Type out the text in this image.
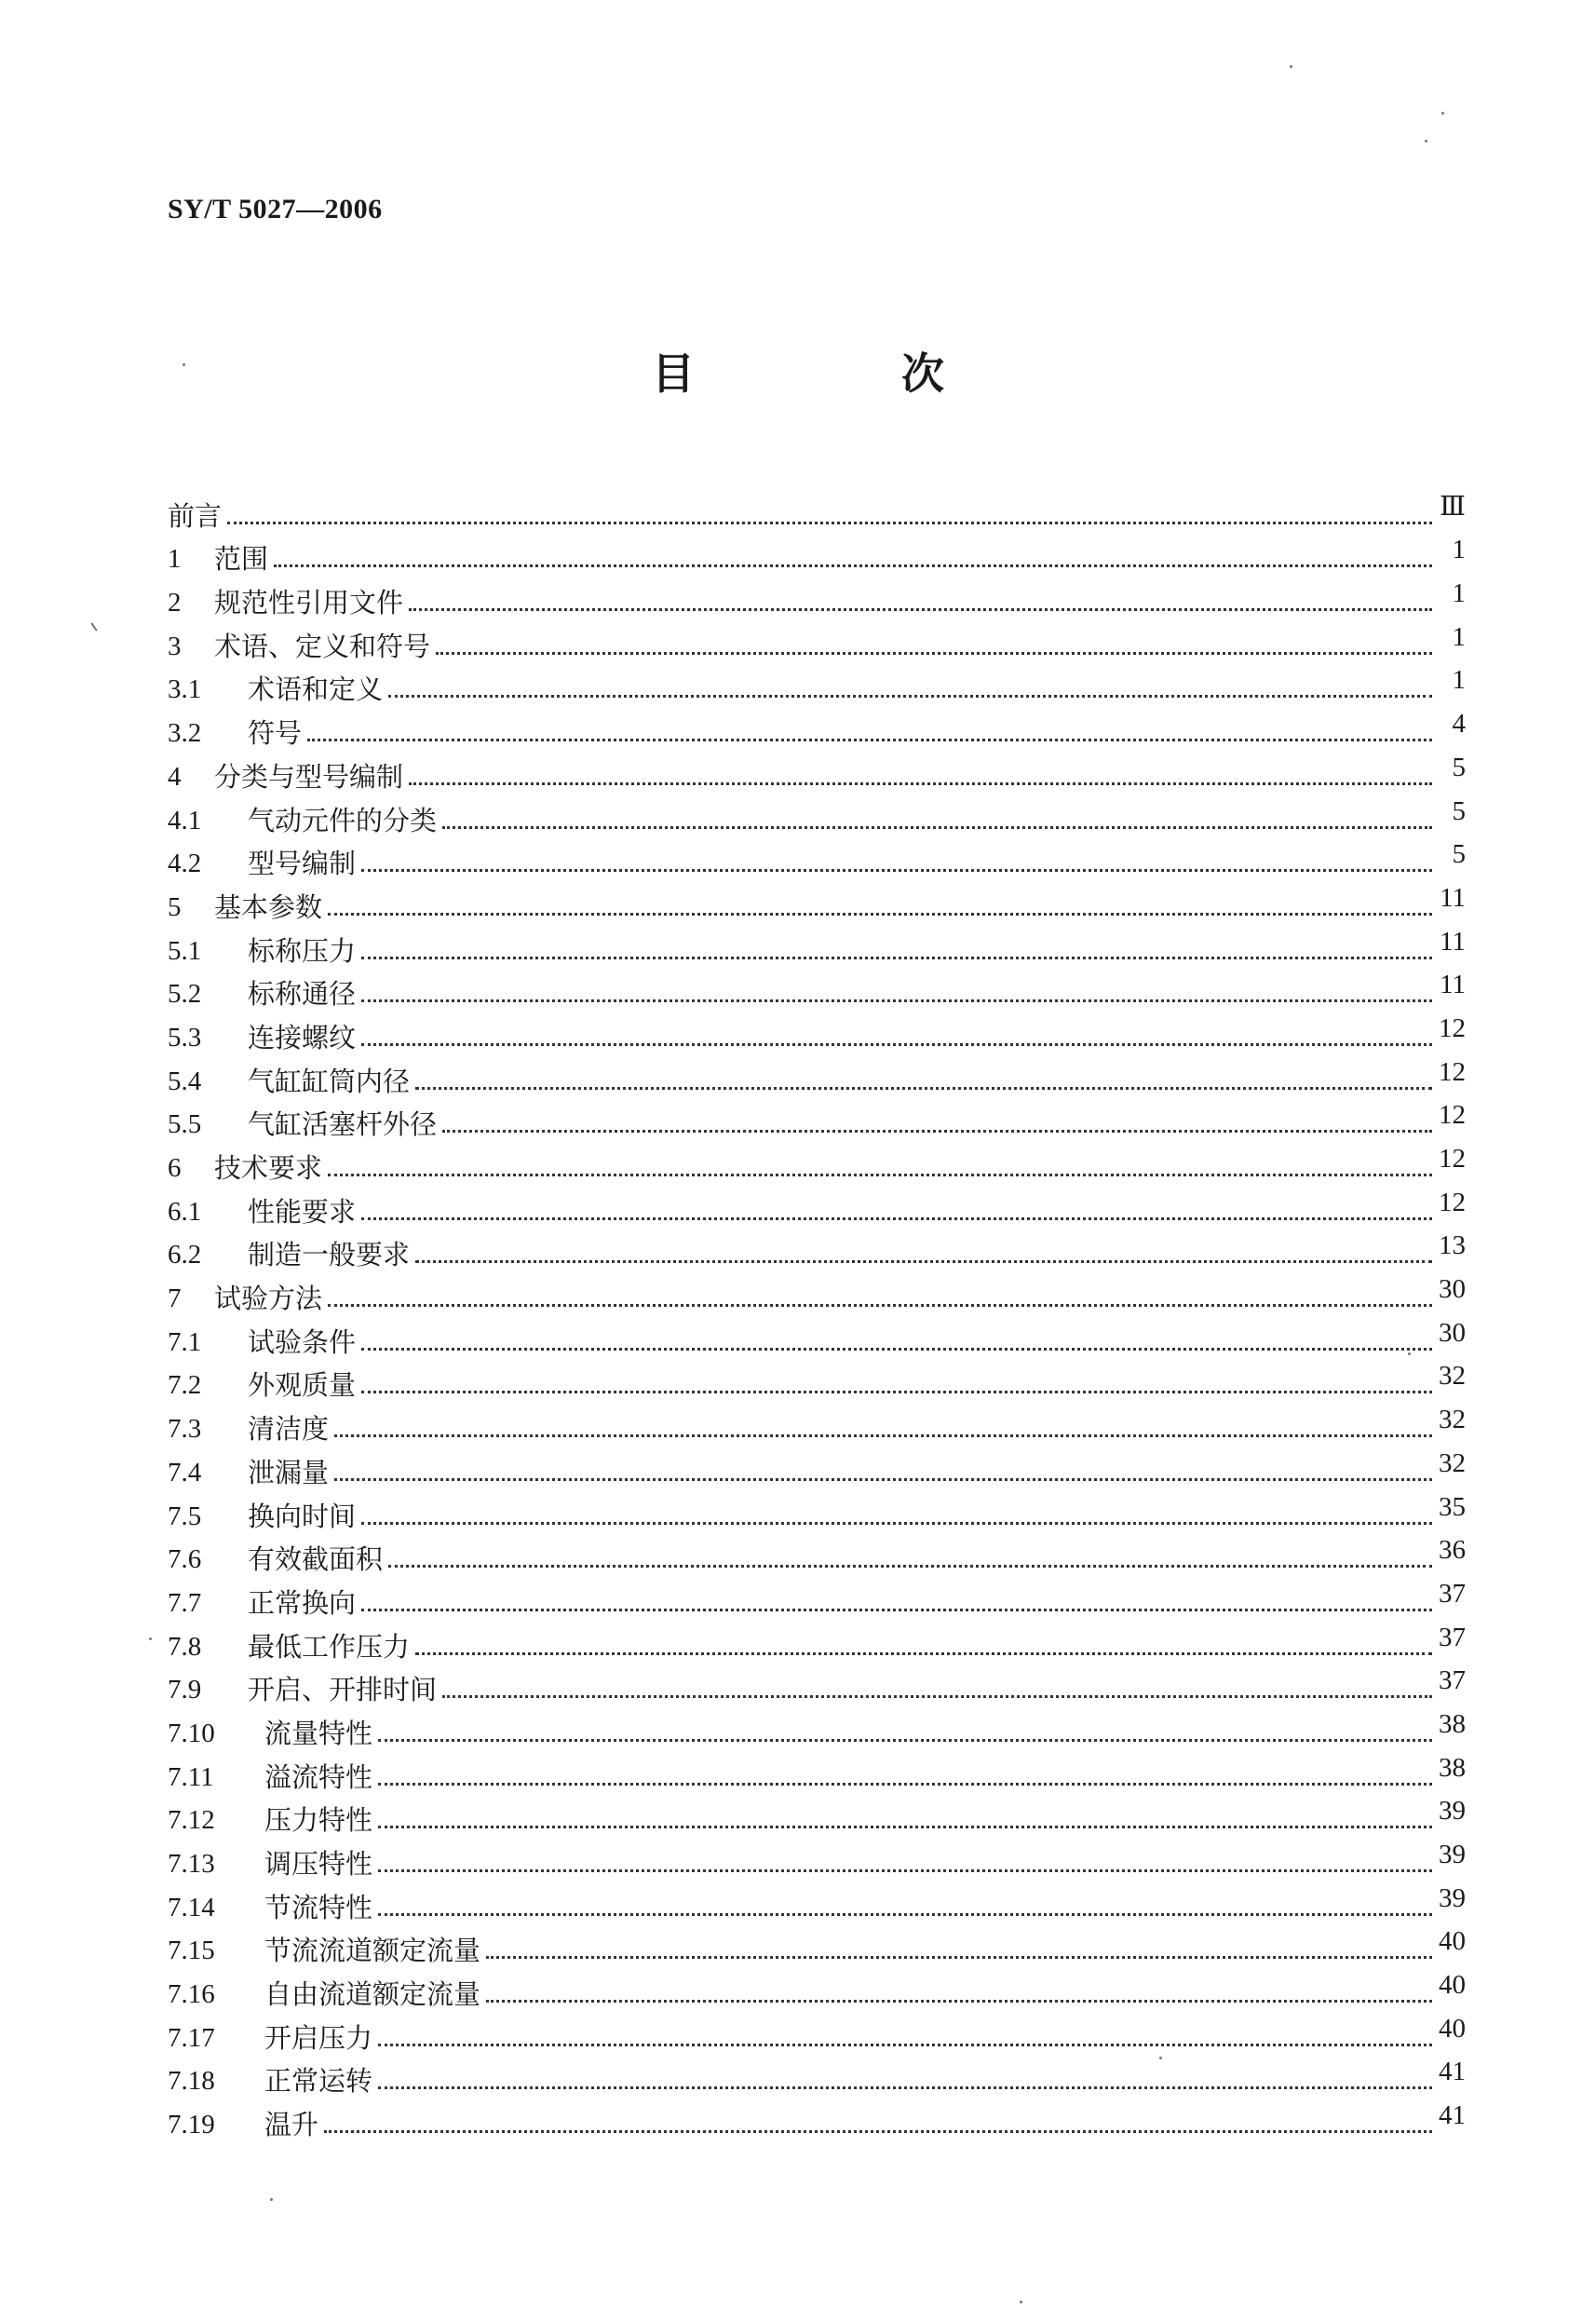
SY/T 5027—2006
目　次
前言	Ⅲ
1	范围	1
2	规范性引用文件	1
3	术语、定义和符号	1
3.1	术语和定义	1
3.2	符号	4
4	分类与型号编制	5
4.1	气动元件的分类	5
4.2	型号编制	5
5	基本参数	11
5.1	标称压力	11
5.2	标称通径	11
5.3	连接螺纹	12
5.4	气缸缸筒内径	12
5.5	气缸活塞杆外径	12
6	技术要求	12
6.1	性能要求	12
6.2	制造一般要求	13
7	试验方法	30
7.1	试验条件	30
7.2	外观质量	32
7.3	清洁度	32
7.4	泄漏量	32
7.5	换向时间	35
7.6	有效截面积	36
7.7	正常换向	37
7.8	最低工作压力	37
7.9	开启、开排时间	37
7.10	流量特性	38
7.11	溢流特性	38
7.12	压力特性	39
7.13	调压特性	39
7.14	节流特性	39
7.15	节流流道额定流量	40
7.16	自由流道额定流量	40
7.17	开启压力	40
7.18	正常运转	41
7.19	温升	41
